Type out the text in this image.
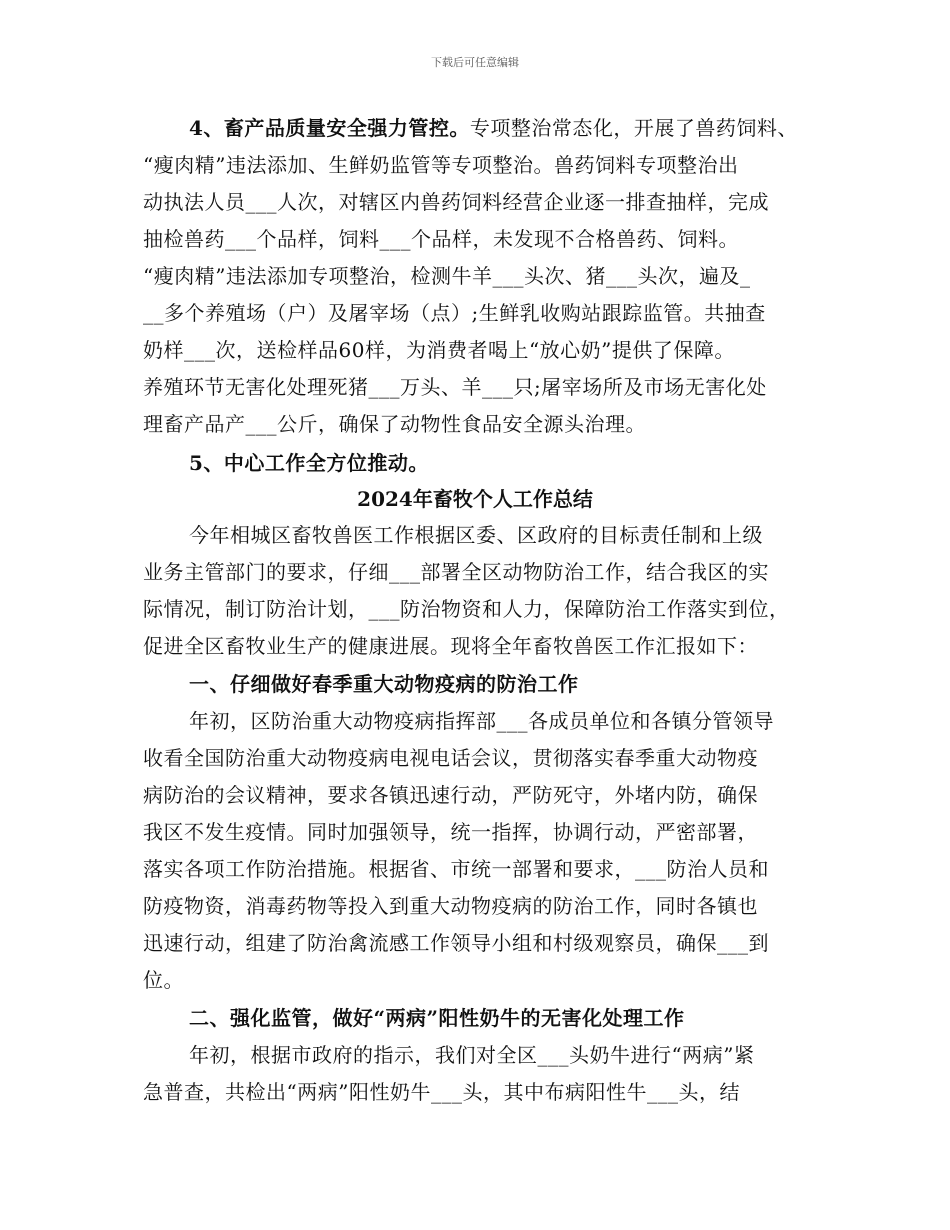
下载后可任意编辑
4、畜产品质量安全强力管控。专项整治常态化，开展了兽药饲料、
“瘦肉精”违法添加、生鲜奶监管等专项整治。兽药饲料专项整治出
动执法人员___人次，对辖区内兽药饲料经营企业逐一排查抽样，完成
抽检兽药___个品样，饲料___个品样，未发现不合格兽药、饲料。
“瘦肉精”违法添加专项整治，检测牛羊___头次、猪___头次，遍及_
__多个养殖场（户）及屠宰场（点）;生鲜乳收购站跟踪监管。共抽查
奶样___次，送检样品60样，为消费者喝上“放心奶”提供了保障。
养殖环节无害化处理死猪___万头、羊___只;屠宰场所及市场无害化处
理畜产品产___公斤，确保了动物性食品安全源头治理。
5、中心工作全方位推动。
2024年畜牧个人工作总结
今年相城区畜牧兽医工作根据区委、区政府的目标责任制和上级
业务主管部门的要求，仔细___部署全区动物防治工作，结合我区的实
际情况，制订防治计划，___防治物资和人力，保障防治工作落实到位，
促进全区畜牧业生产的健康进展。现将全年畜牧兽医工作汇报如下：
一、仔细做好春季重大动物疫病的防治工作
年初，区防治重大动物疫病指挥部___各成员单位和各镇分管领导
收看全国防治重大动物疫病电视电话会议，贯彻落实春季重大动物疫
病防治的会议精神，要求各镇迅速行动，严防死守，外堵内防，确保
我区不发生疫情。同时加强领导，统一指挥，协调行动，严密部署，
落实各项工作防治措施。根据省、市统一部署和要求，___防治人员和
防疫物资，消毒药物等投入到重大动物疫病的防治工作，同时各镇也
迅速行动，组建了防治禽流感工作领导小组和村级观察员，确保___到
位。
二、强化监管，做好“两病”阳性奶牛的无害化处理工作
年初，根据市政府的指示，我们对全区___头奶牛进行“两病”紧
急普查，共检出“两病”阳性奶牛___头，其中布病阳性牛___头，结
